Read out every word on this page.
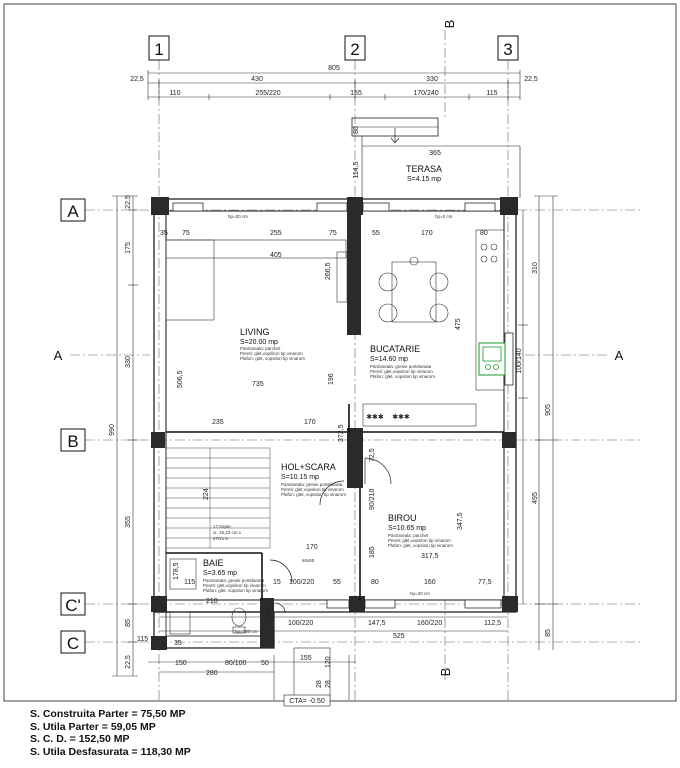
1	2	3
A
B
C'
C
B
B
A	A
805
22,5	430	330	22,5
110	255/220	155	170/240	115
22,5
175
330
355
85
22,5
990
310
100/140
905
495
85
365
TERASA
S=4.15 mp
80
114,5
✱✱✱ ✱✱✱
LIVING
S=20.00 mp
Pardoseala: parchet
Pereti: glet,vopsitori tip vinarom
Plafon: glet, vopsitori tip vinarom
BUCATARIE
S=14.60 mp
Pardoseala: gresie portelanata
Pereti: glet,vopsitori tip vinarom
Plafon: glet, vopsitori tip vinarom
HOL+SCARA
S=10.15 mp
Pardoseala: gresie portelanata
Pereti: glet,vopsitori tip vinarom
Plafon: glet, vopsitori tip vinarom
BIROU
S=10.65 mp
Pardoseala: parchet
Pereti: glet,vopsitori tip vinarom
Plafon: glet, vopsitori tip vinarom
BAIE
S=3.65 mp
Pardoseala: gresie portelanata
Pereti: glet,vopsitori tip vinarom
Plafon: glet, vopsitori tip vinarom
35 75	255	75
405
266,5
506,5	735	196
235	170
372,5
55	170	80
475
224
170
115	100/220
15	55
72,5
90/210
185
347,5
317,5
80	160	77,5
178,5
210
35
hp=20 cm	hp=0 cm
hp=20 cm
hp=180 cm
17 trepte
cr. 18,23 cm x
27cm tr.
60x60
120
115
100/220	147,5	160/220	112,5
525
150	80/100 50
155
280
28
120
28
CTA= -0.50
S. Construita Parter = 75,50 MP
S. Utila Parter = 59,05 MP
S. C. D. = 152,50 MP
S. Utila Desfasurata = 118,30 MP
